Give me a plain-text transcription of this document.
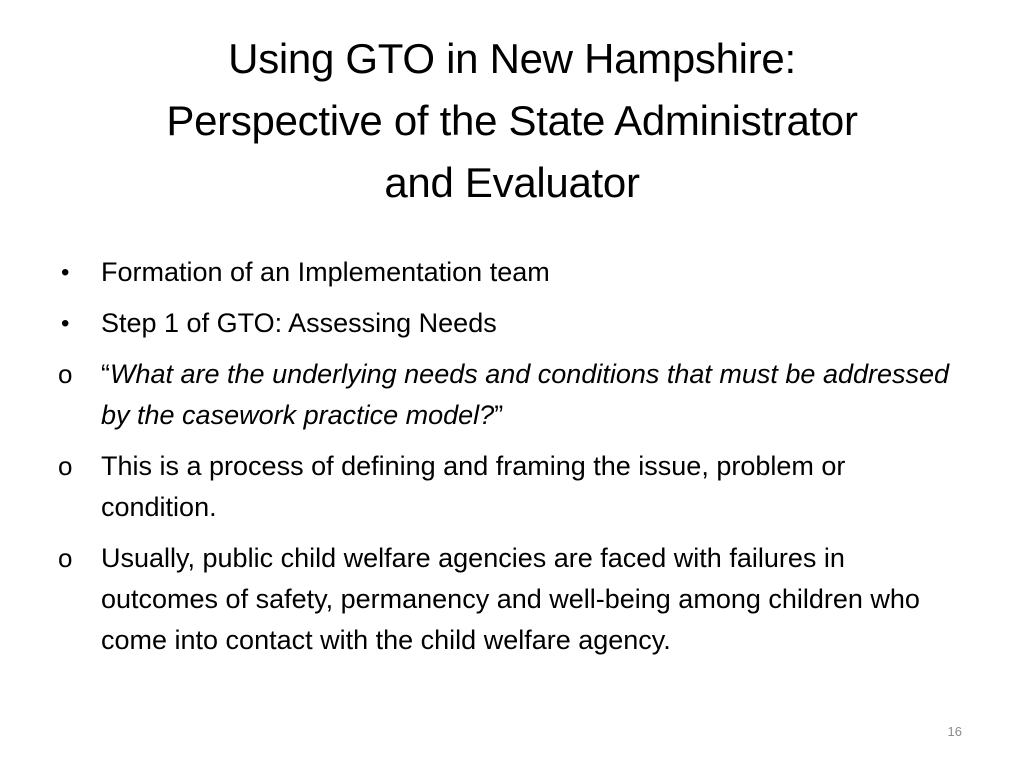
Using GTO in New Hampshire:
Perspective of the State Administrator
and Evaluator
•	Formation of an Implementation team
•	Step 1 of GTO: Assessing Needs
o	“What are the underlying needs and conditions that must be addressed by the casework practice model?”
o	This is a process of defining and framing the issue, problem or condition.
o	Usually, public child welfare agencies are faced with failures in outcomes of safety, permanency and well-being among children who come into contact with the child welfare agency.
16
